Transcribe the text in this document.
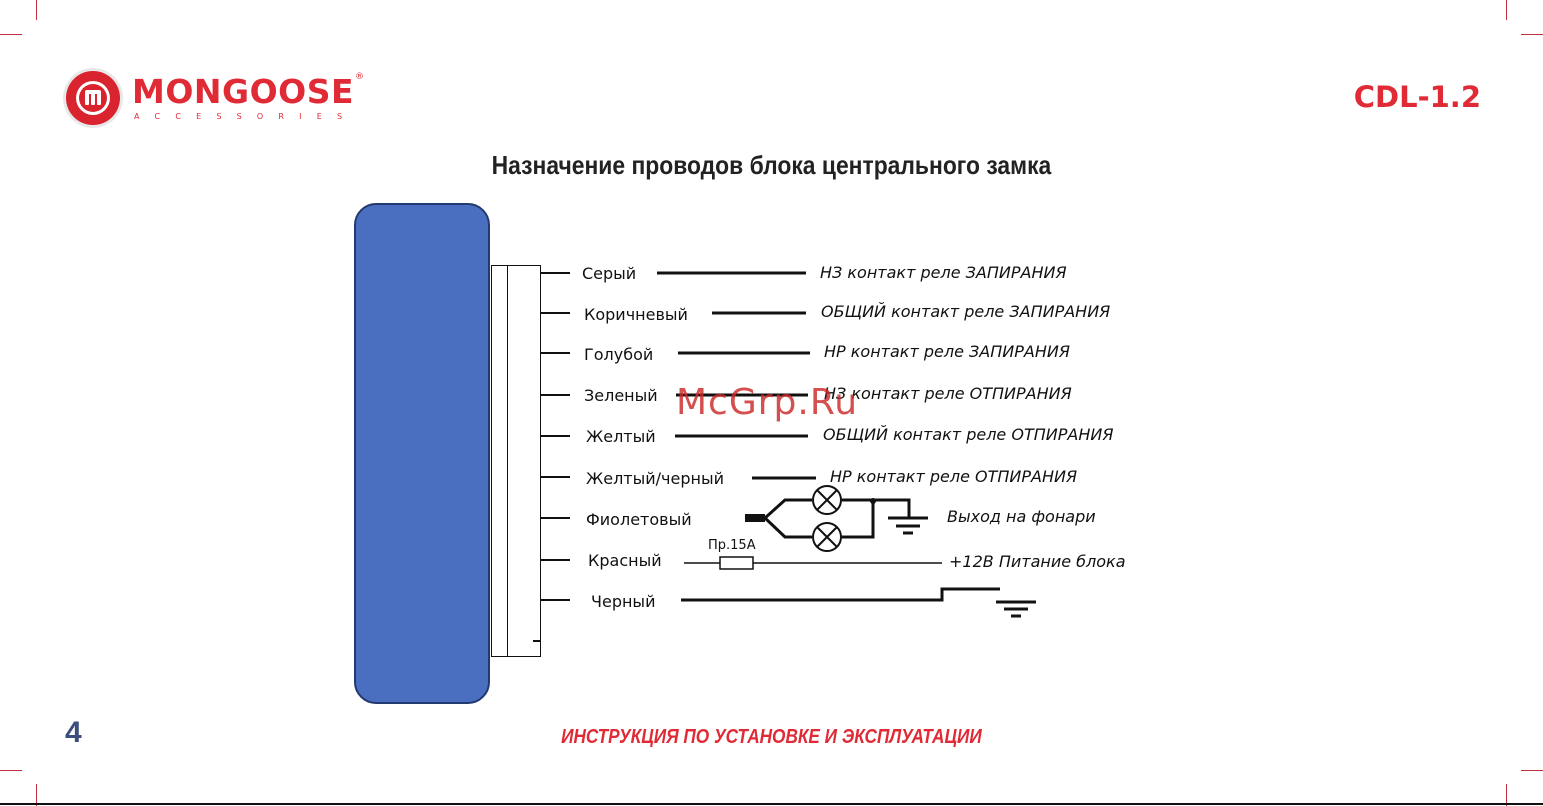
MONGOOSE®
ACCESSORIES
CDL-1.2
Назначение проводов блока центрального замка
Серый
Коричневый
Голубой
Зеленый
Желтый
Желтый/черный
Фиолетовый
Красный
Черный
НЗ контакт реле ЗАПИРАНИЯ
ОБЩИЙ контакт реле ЗАПИРАНИЯ
НР контакт реле ЗАПИРАНИЯ
НЗ контакт реле ОТПИРАНИЯ
ОБЩИЙ контакт реле ОТПИРАНИЯ
НР контакт реле ОТПИРАНИЯ
Выход на фонари
+12В Питание блока
Пр.15А
McGrp.Ru
4	ИНСТРУКЦИЯ ПО УСТАНОВКЕ И ЭКСПЛУАТАЦИИ
